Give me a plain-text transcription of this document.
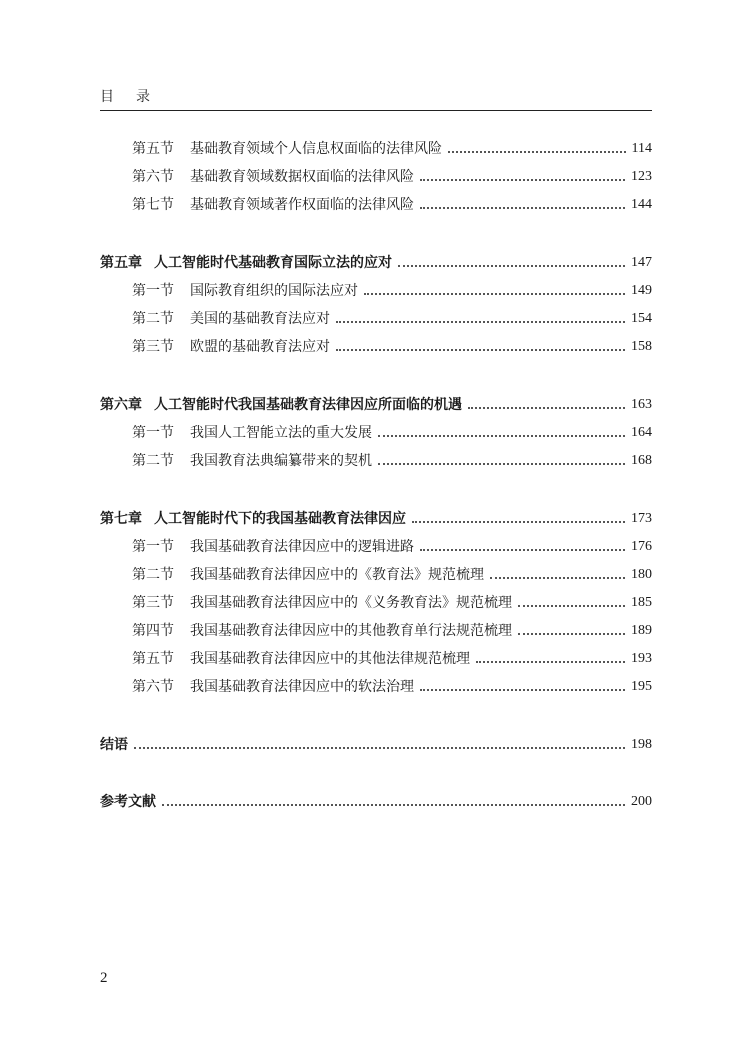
目录
第五节 基础教育领域个人信息权面临的法律风险	114
第六节 基础教育领域数据权面临的法律风险	123
第七节 基础教育领域著作权面临的法律风险	144
第五章 人工智能时代基础教育国际立法的应对	147
第一节 国际教育组织的国际法应对	149
第二节 美国的基础教育法应对	154
第三节 欧盟的基础教育法应对	158
第六章 人工智能时代我国基础教育法律因应所面临的机遇	163
第一节 我国人工智能立法的重大发展	164
第二节 我国教育法典编纂带来的契机	168
第七章 人工智能时代下的我国基础教育法律因应	173
第一节 我国基础教育法律因应中的逻辑进路	176
第二节 我国基础教育法律因应中的《教育法》规范梳理	180
第三节 我国基础教育法律因应中的《义务教育法》规范梳理	185
第四节 我国基础教育法律因应中的其他教育单行法规范梳理	189
第五节 我国基础教育法律因应中的其他法律规范梳理	193
第六节 我国基础教育法律因应中的软法治理	195
结语	198
参考文献	200
2
